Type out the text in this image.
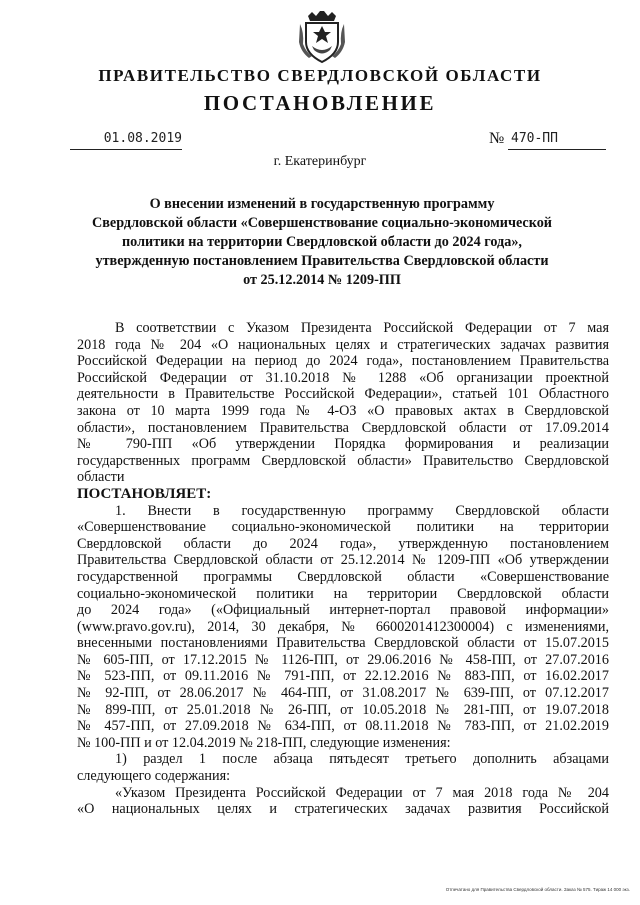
ПРАВИТЕЛЬСТВО СВЕРДЛОВСКОЙ ОБЛАСТИ
ПОСТАНОВЛЕНИЕ
01.08.2019	№ 470-ПП
г. Екатеринбург
О внесении изменений в государственную программу
Свердловской области «Совершенствование социально-экономической
политики на территории Свердловской области до 2024 года»,
утвержденную постановлением Правительства Свердловской области
от 25.12.2014 № 1209-ПП
В соответствии с Указом Президента Российской Федерации от 7 мая
2018 года № 204 «О национальных целях и стратегических задачах развития
Российской Федерации на период до 2024 года», постановлением Правительства
Российской Федерации от 31.10.2018 № 1288 «Об организации проектной
деятельности в Правительстве Российской Федерации», статьей 101 Областного
закона от 10 марта 1999 года № 4-ОЗ «О правовых актах в Свердловской
области», постановлением Правительства Свердловской области от 17.09.2014
№ 790-ПП «Об утверждении Порядка формирования и реализации
государственных программ Свердловской области» Правительство Свердловской
области
ПОСТАНОВЛЯЕТ:
1. Внести в государственную программу Свердловской области
«Совершенствование социально-экономической политики на территории
Свердловской области до 2024 года», утвержденную постановлением
Правительства Свердловской области от 25.12.2014 № 1209-ПП «Об утверждении
государственной программы Свердловской области «Совершенствование
социально-экономической политики на территории Свердловской области
до 2024 года» («Официальный интернет-портал правовой информации»
(www.pravo.gov.ru), 2014, 30 декабря, № 6600201412300004) с изменениями,
внесенными постановлениями Правительства Свердловской области от 15.07.2015
№ 605-ПП, от 17.12.2015 № 1126-ПП, от 29.06.2016 № 458-ПП, от 27.07.2016
№ 523-ПП, от 09.11.2016 № 791-ПП, от 22.12.2016 № 883-ПП, от 16.02.2017
№ 92-ПП, от 28.06.2017 № 464-ПП, от 31.08.2017 № 639-ПП, от 07.12.2017
№ 899-ПП, от 25.01.2018 № 26-ПП, от 10.05.2018 № 281-ПП, от 19.07.2018
№ 457-ПП, от 27.09.2018 № 634-ПП, от 08.11.2018 № 783-ПП, от 21.02.2019
№ 100-ПП и от 12.04.2019 № 218-ПП, следующие изменения:
1) раздел 1 после абзаца пятьдесят третьего дополнить абзацами
следующего содержания:
«Указом Президента Российской Федерации от 7 мая 2018 года № 204
«О национальных целях и стратегических задачах развития Российской
Отпечатано для Правительства Свердловской области. Заказ № 575. Тираж 14 000 экз.
